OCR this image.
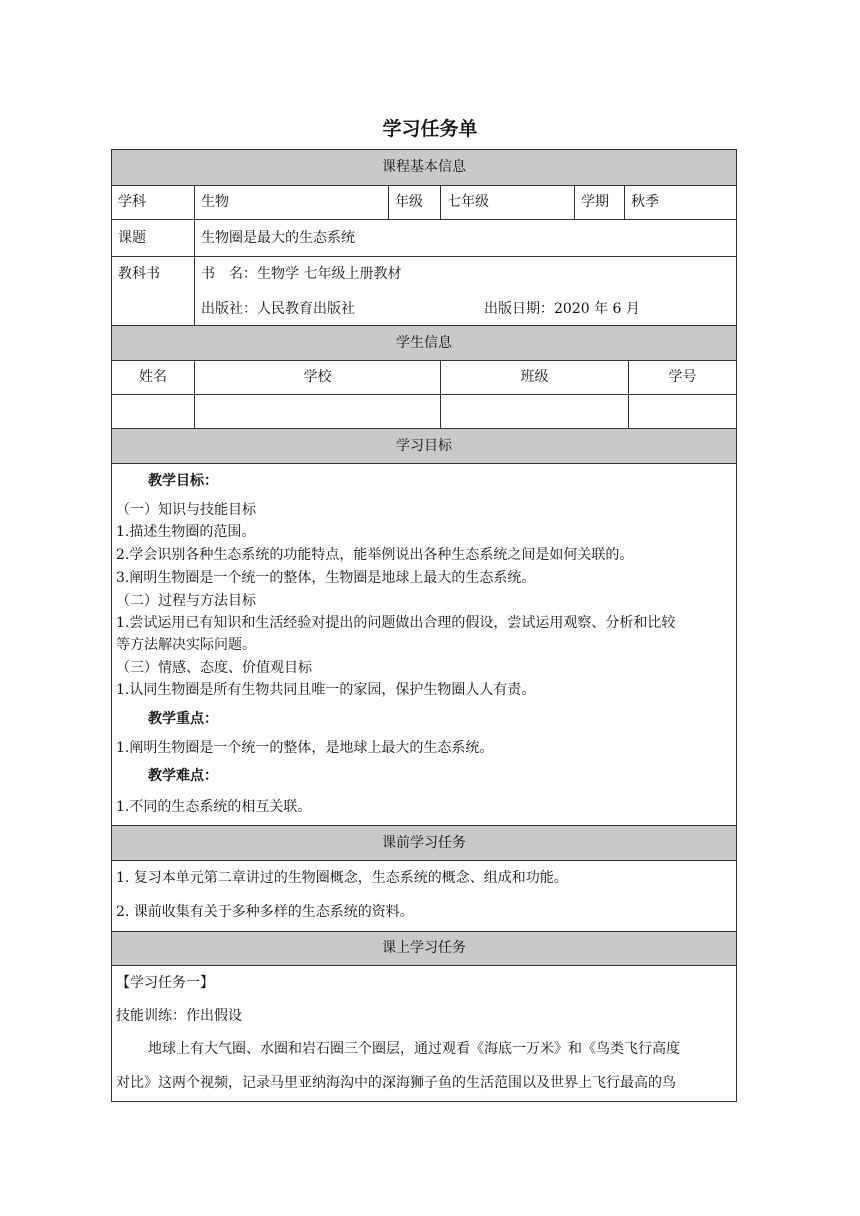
学习任务单
课程基本信息
学科	生物	年级	七年级	学期	秋季
课题	生物圈是最大的生态系统
教科书	书　名：生物学 七年级上册教材
出版社：人民教育出版社	出版日期：2020 年 6 月
学生信息
姓名	学校	班级	学号
学习目标

教学目标：

（一）知识与技能目标

1.描述生物圈的范围。

2.学会识别各种生态系统的功能特点，能举例说出各种生态系统之间是如何关联的。

3.阐明生物圈是一个统一的整体，生物圈是地球上最大的生态系统。

（二）过程与方法目标

1.尝试运用已有知识和生活经验对提出的问题做出合理的假设，尝试运用观察、分析和比较

等方法解决实际问题。

（三）情感、态度、价值观目标

1.认同生物圈是所有生物共同且唯一的家园，保护生物圈人人有责。

教学重点：

1.阐明生物圈是一个统一的整体，是地球上最大的生态系统。

教学难点：

1.不同的生态系统的相互关联。

课前学习任务

1. 复习本单元第二章讲过的生物圈概念，生态系统的概念、组成和功能。

2. 课前收集有关于多种多样的生态系统的资料。

课上学习任务

【学习任务一】

技能训练：作出假设

地球上有大气圈、水圈和岩石圈三个圈层，通过观看《海底一万米》和《鸟类飞行高度

对比》这两个视频，记录马里亚纳海沟中的深海狮子鱼的生活范围以及世界上飞行最高的鸟
